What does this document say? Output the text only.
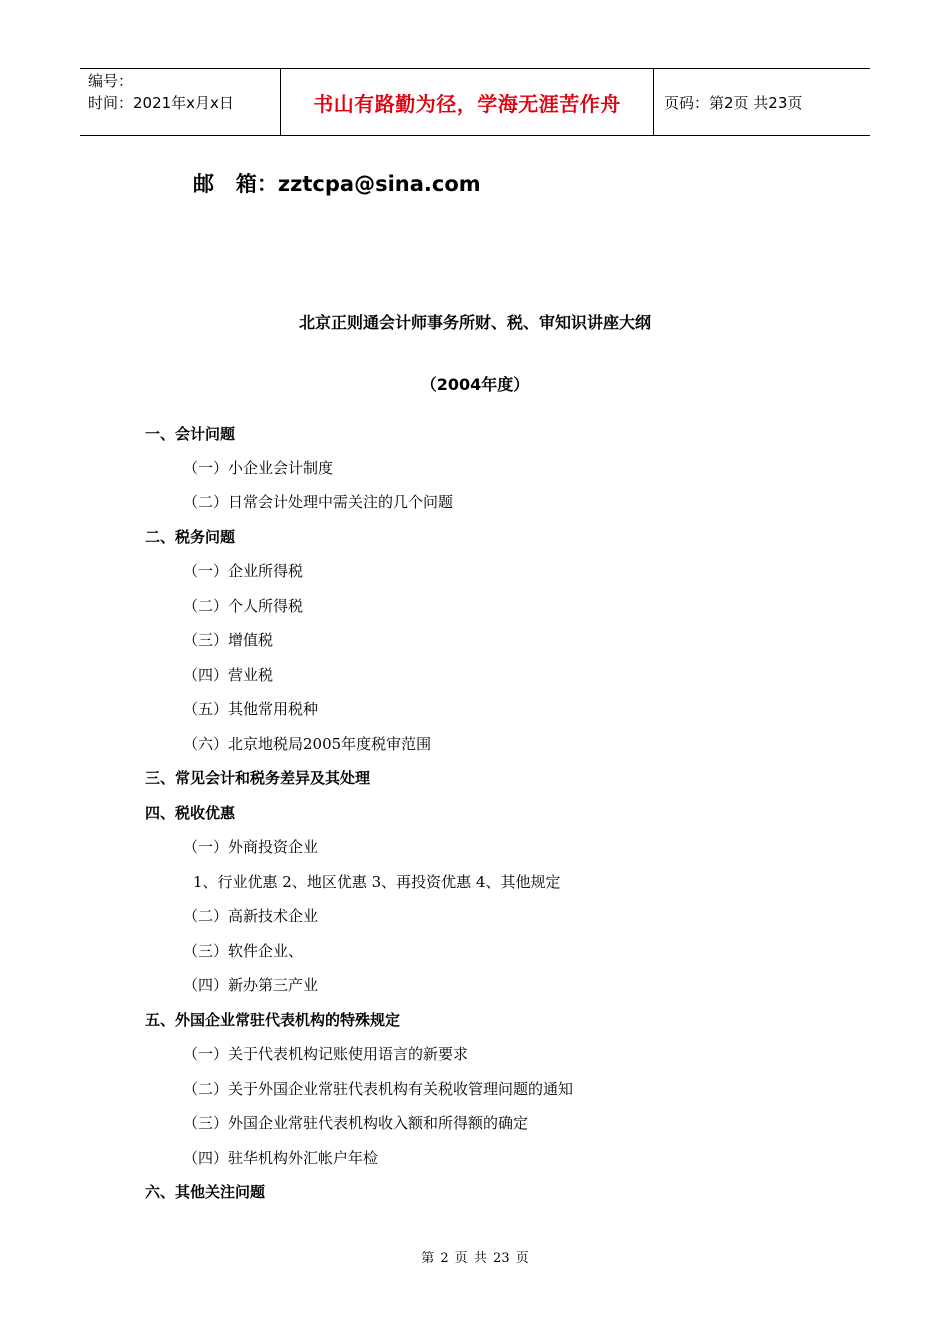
编号：
时间：2021年x月x日	书山有路勤为径，学海无涯苦作舟	页码：第2页 共23页
邮   箱：zztcpa@sina.com
北京正则通会计师事务所财、税、审知识讲座大纲
（2004年度）
一、会计问题
（一）小企业会计制度
（二）日常会计处理中需关注的几个问题
二、税务问题
（一）企业所得税
（二）个人所得税
（三）增值税
（四）营业税
（五）其他常用税种
（六）北京地税局2005年度税审范围
三、常见会计和税务差异及其处理
四、税收优惠
（一）外商投资企业
1、行业优惠 2、地区优惠 3、再投资优惠 4、其他规定
（二）高新技术企业
（三）软件企业、
（四）新办第三产业
五、外国企业常驻代表机构的特殊规定
（一）关于代表机构记账使用语言的新要求
（二）关于外国企业常驻代表机构有关税收管理问题的通知
（三）外国企业常驻代表机构收入额和所得额的确定
（四）驻华机构外汇帐户年检
六、其他关注问题
第 2 页 共 23 页
